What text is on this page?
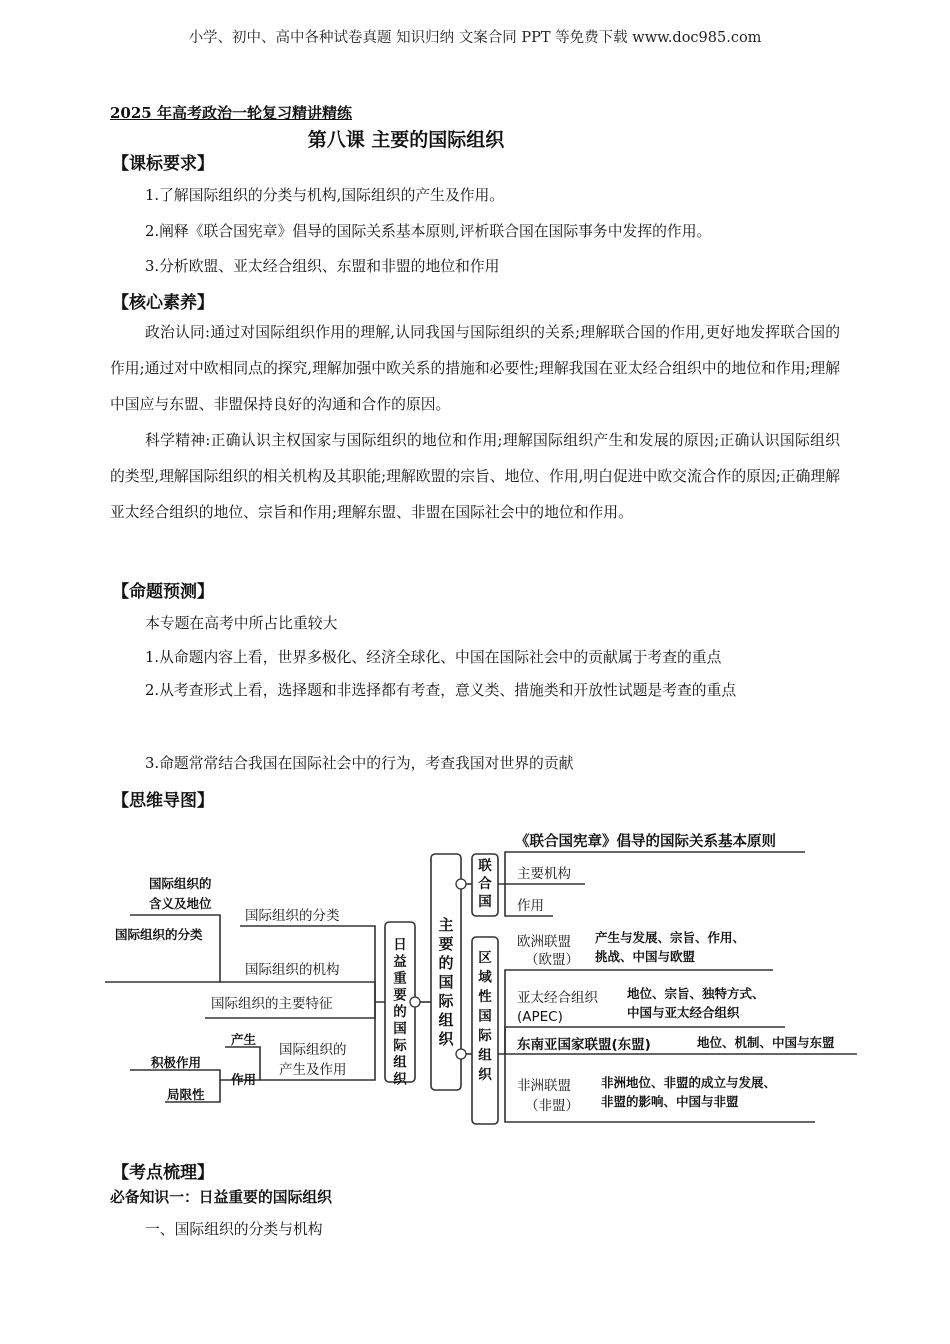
小学、初中、高中各种试卷真题 知识归纳 文案合同 PPT 等免费下载 www.doc985.com
2025 年高考政治一轮复习精讲精练
第八课 主要的国际组织
【课标要求】
1.了解国际组织的分类与机构,国际组织的产生及作用。
2.阐释《联合国宪章》倡导的国际关系基本原则,评析联合国在国际事务中发挥的作用。
3.分析欧盟、亚太经合组织、东盟和非盟的地位和作用
【核心素养】

政治认同:通过对国际组织作用的理解,认同我国与国际组织的关系;理解联合国的作用,更好地发挥联合国的作用;通过对中欧相同点的探究,理解加强中欧关系的措施和必要性;理解我国在亚太经合组织中的地位和作用;理解中国应与东盟、非盟保持良好的沟通和合作的原因。

科学精神:正确认识主权国家与国际组织的地位和作用;理解国际组织产生和发展的原因;正确认识国际组织的类型,理解国际组织的相关机构及其职能;理解欧盟的宗旨、地位、作用,明白促进中欧交流合作的原因;正确理解亚太经合组织的地位、宗旨和作用;理解东盟、非盟在国际社会中的地位和作用。

【命题预测】
本专题在高考中所占比重较大
1.从命题内容上看，世界多极化、经济全球化、中国在国际社会中的贡献属于考查的重点

2.从考查形式上看，选择题和非选择都有考查，意义类、措施类和开放性试题是考查的重点

3.命题常常结合我国在国际社会中的行为，考查我国对世界的贡献
【思维导图】
日益重要的国际组织
主要的国际组织
联合国
区域性国际组织
《联合国宪章》倡导的国际关系基本原则
主要机构
作用
欧洲联盟
（欧盟）
产生与发展、宗旨、作用、
挑战、中国与欧盟
亚太经合组织
(APEC)
地位、宗旨、独特方式、
中国与亚太经合组织
东南亚国家联盟(东盟)	地位、机制、中国与东盟
非洲联盟
（非盟）
非洲地位、非盟的成立与发展、
非盟的影响、中国与非盟
国际组织的分类
国际组织的
含义及地位
国际组织的分类
国际组织的机构
国际组织的主要特征
国际组织的
产生及作用
产生
作用
积极作用
局限性
【考点梳理】
必备知识一：日益重要的国际组织
一、国际组织的分类与机构
